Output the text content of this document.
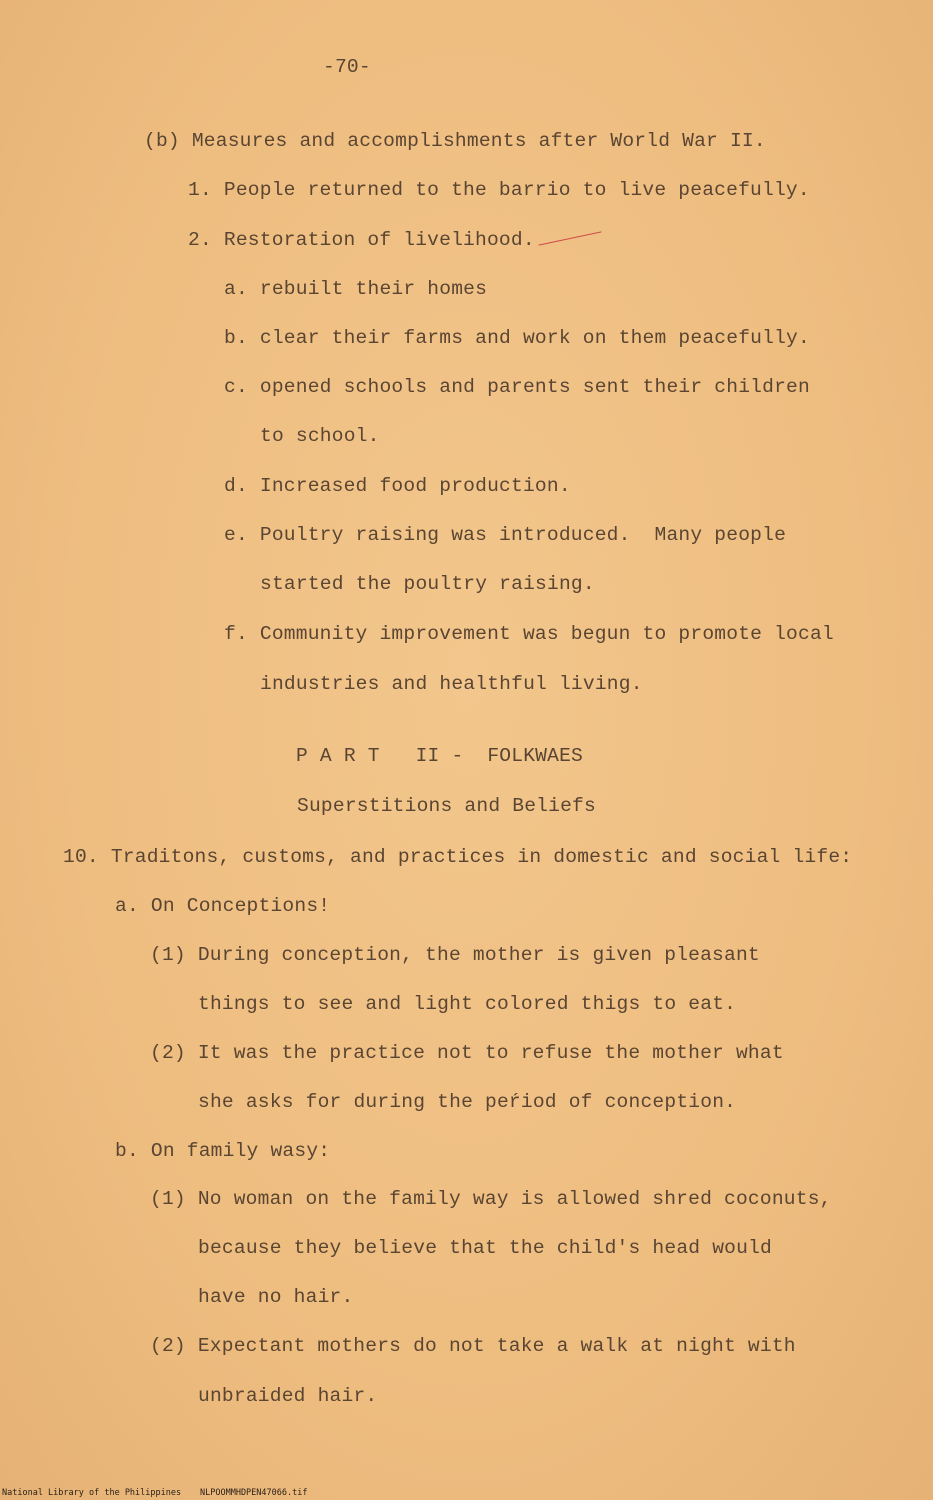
-70-
(b) Measures and accomplishments after World War II.
1. People returned to the barrio to live peacefully.
2. Restoration of livelihood.
a. rebuilt their homes
b. clear their farms and work on them peacefully.
c. opened schools and parents sent their children
to school.
d. Increased food production.
e. Poultry raising was introduced.  Many people
started the poultry raising.
f. Community improvement was begun to promote local
industries and healthful living.
P A R T   II -  FOLKWAES
Superstitions and Beliefs
10. Traditons, customs, and practices in domestic and social life:
a. On Conceptions!
(1) During conception, the mother is given pleasant
things to see and light colored thigs to eat.
(2) It was the practice not to refuse the mother what
she asks for during the peŕiod of conception.
b. On family wasy:
(1) No woman on the family way is allowed shred coconuts,
because they believe that the child's head would
have no hair.
(2) Expectant mothers do not take a walk at night with
unbraided hair.
National Library of the Philippines NLPOOMMHDPEN47066.tif
